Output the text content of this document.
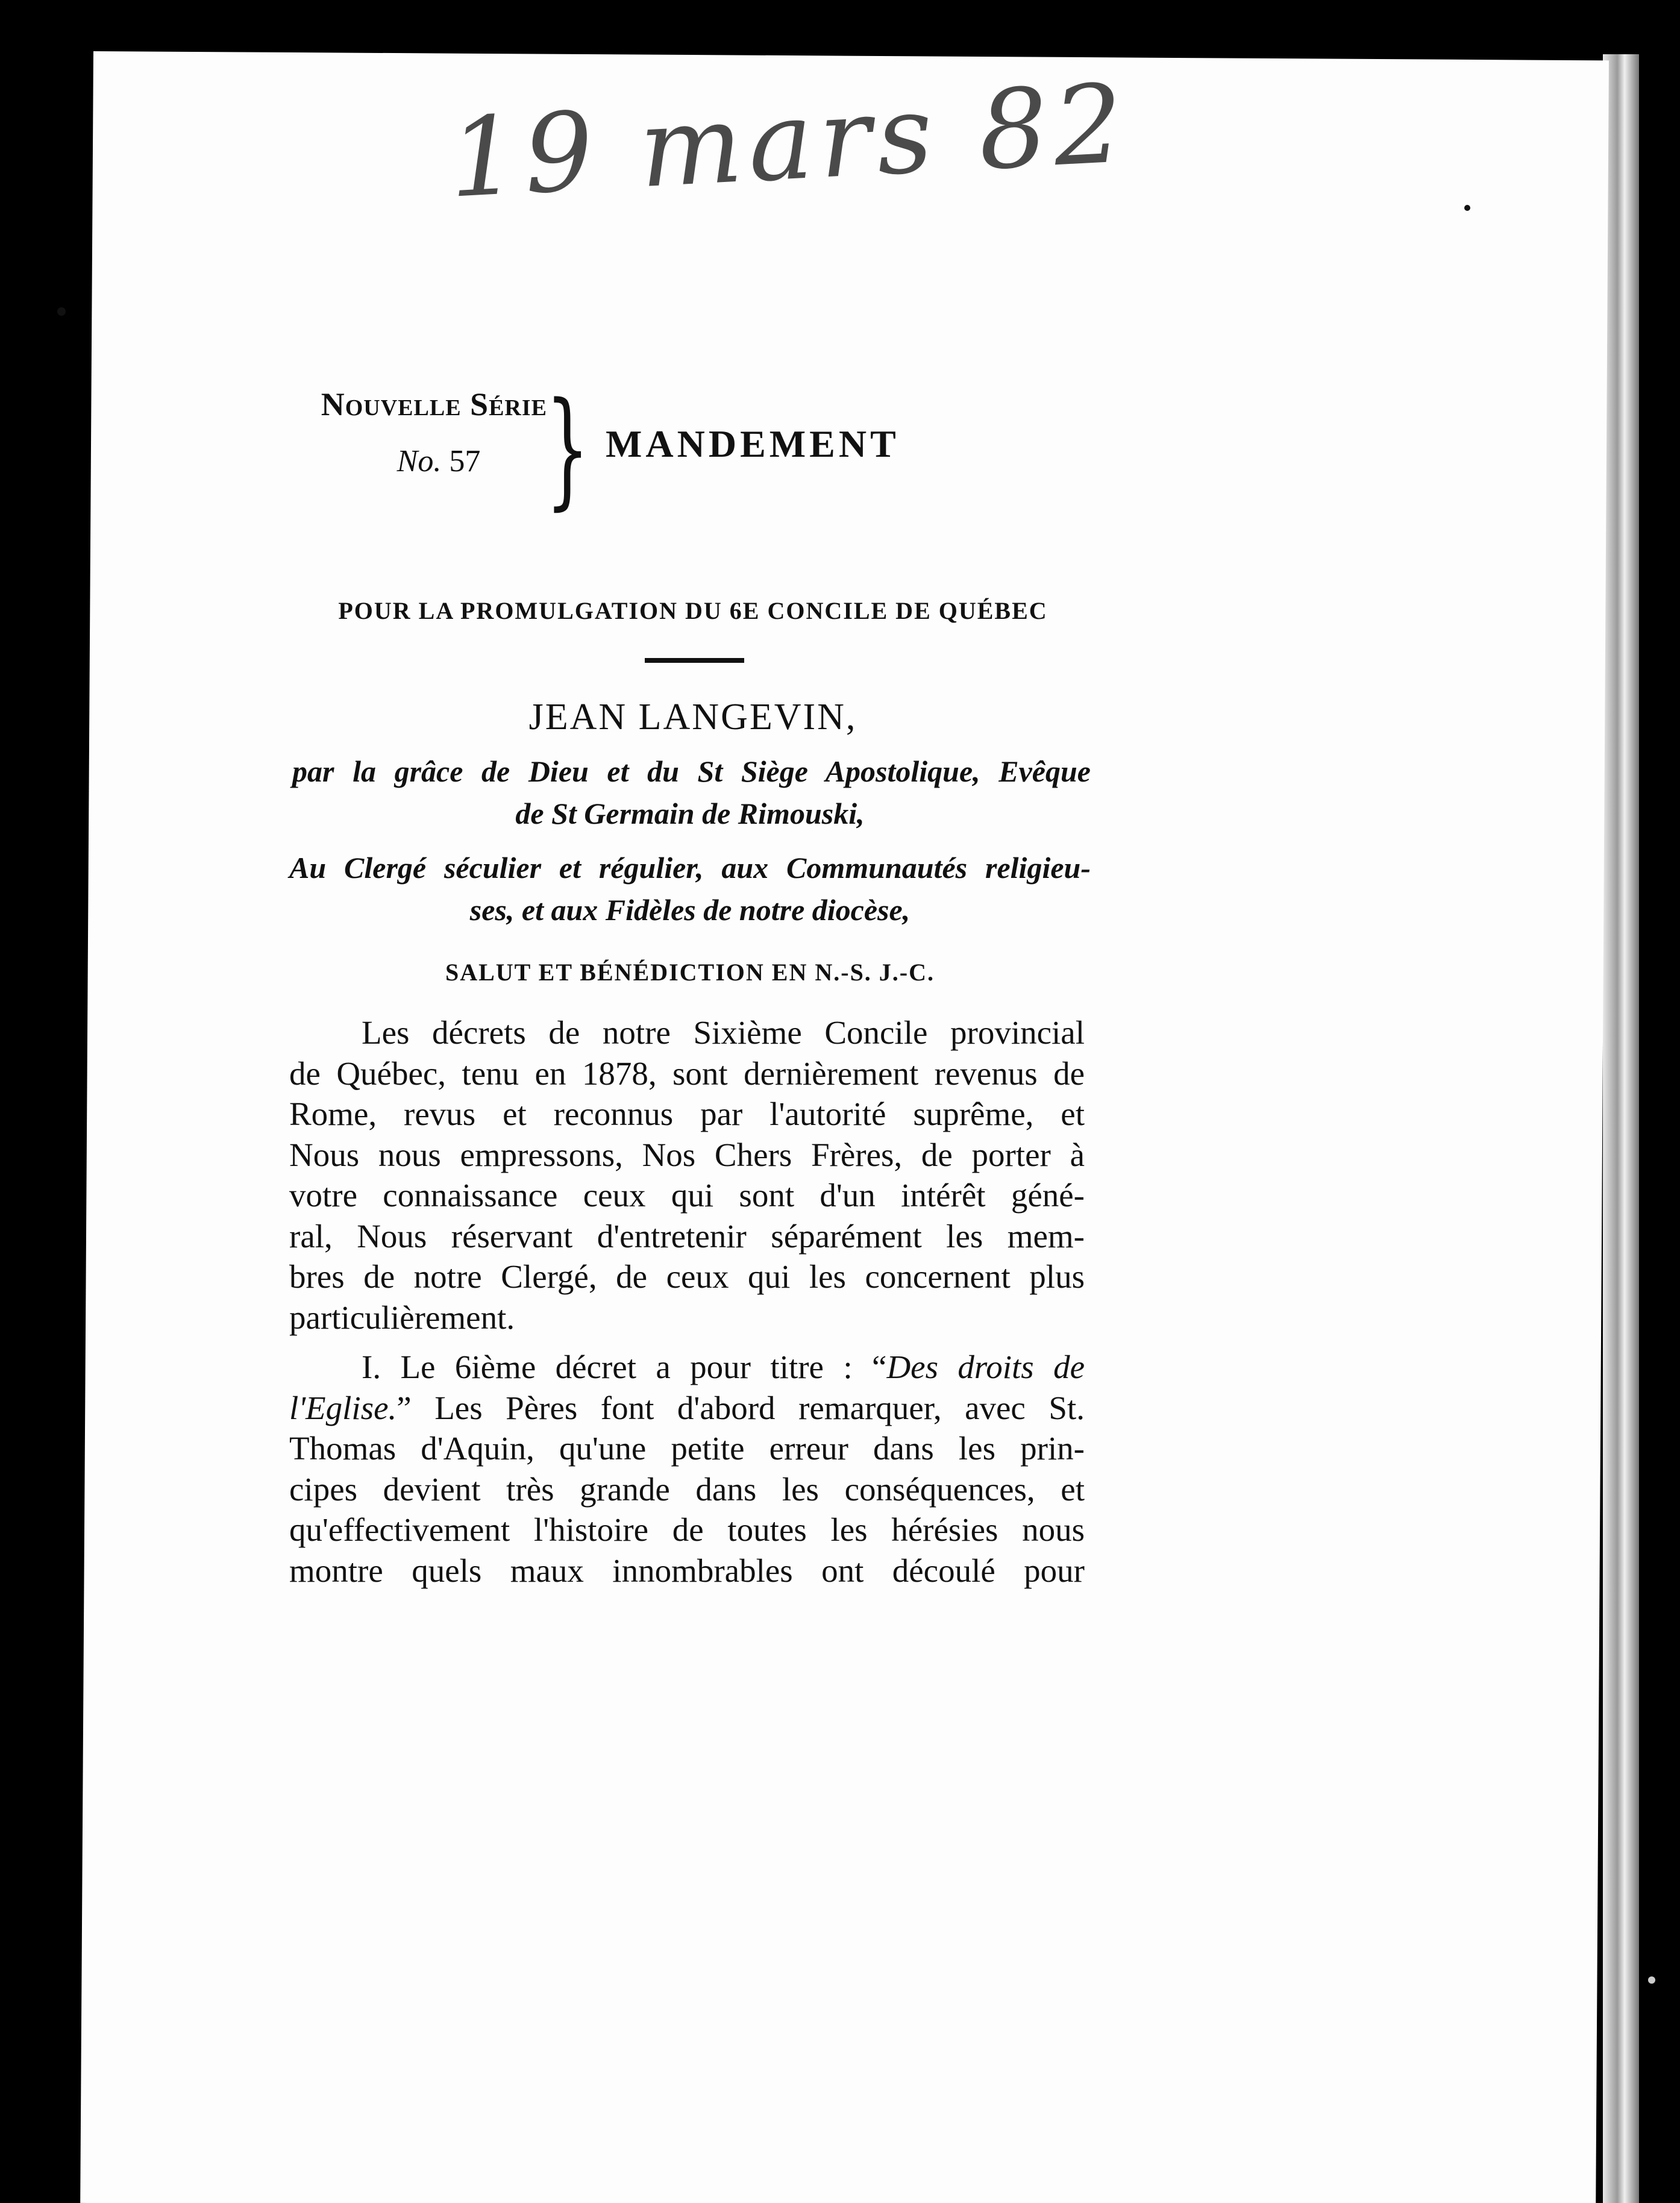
19 mars 82
Nouvelle Série
No. 57 } MANDEMENT
POUR LA PROMULGATION DU 6E CONCILE DE QUÉBEC
JEAN LANGEVIN,
par la grâce de Dieu et du St Siège Apostolique, Evêque
de St Germain de Rimouski,
Au Clergé séculier et régulier, aux Communautés religieu-
ses, et aux Fidèles de notre diocèse,
SALUT ET BÉNÉDICTION EN N.-S. J.-C.
Les décrets de notre Sixième Concile provincial
de Québec, tenu en 1878, sont dernièrement revenus de
Rome, revus et reconnus par l'autorité suprême, et
Nous nous empressons, Nos Chers Frères, de porter à
votre connaissance ceux qui sont d'un intérêt géné-
ral, Nous réservant d'entretenir séparément les mem-
bres de notre Clergé, de ceux qui les concernent plus
particulièrement.
I. Le 6ième décret a pour titre : “Des droits de
l'Eglise.” Les Pères font d'abord remarquer, avec St.
Thomas d'Aquin, qu'une petite erreur dans les prin-
cipes devient très grande dans les conséquences, et
qu'effectivement l'histoire de toutes les hérésies nous
montre quels maux innombrables ont découlé pour
